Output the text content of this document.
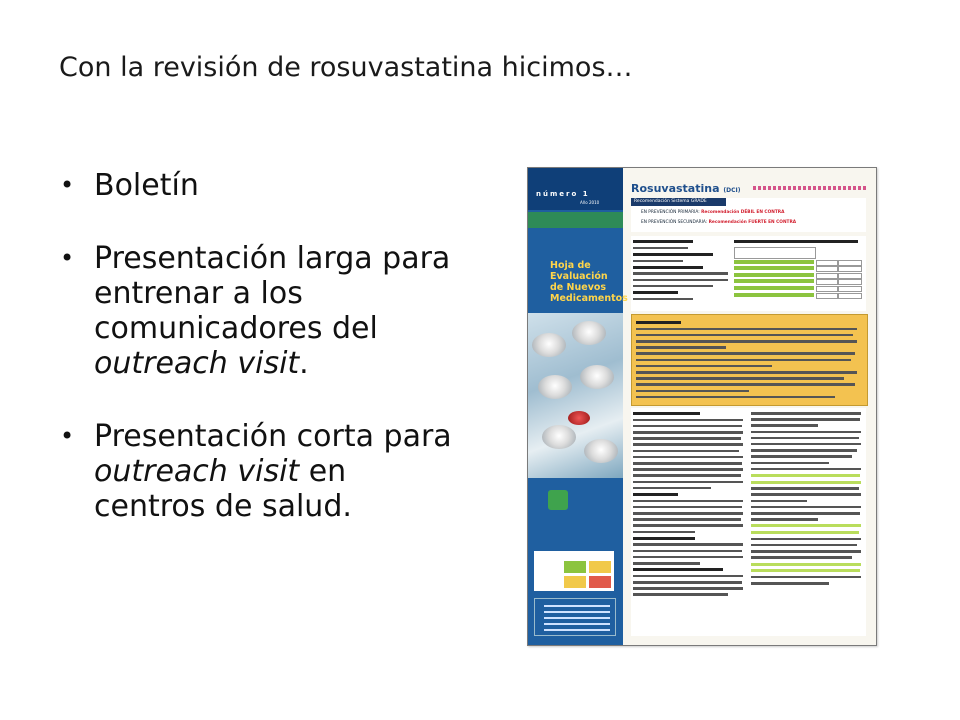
Con la revisión de rosuvastatina hicimos…
• Boletín
• Presentación larga para entrenar a los comunicadores del outreach visit.
• Presentación corta para outreach visit en centros de salud.
número 1
Año 2010
Hoja de Evaluación de Nuevos Medicamentos
Rosuvastatina (DCI)
Recomendación Sistema GRADE
EN PREVENCIÓN PRIMARIA: Recomendación DÉBIL EN CONTRA
EN PREVENCIÓN SECUNDARIA: Recomendación FUERTE EN CONTRA
